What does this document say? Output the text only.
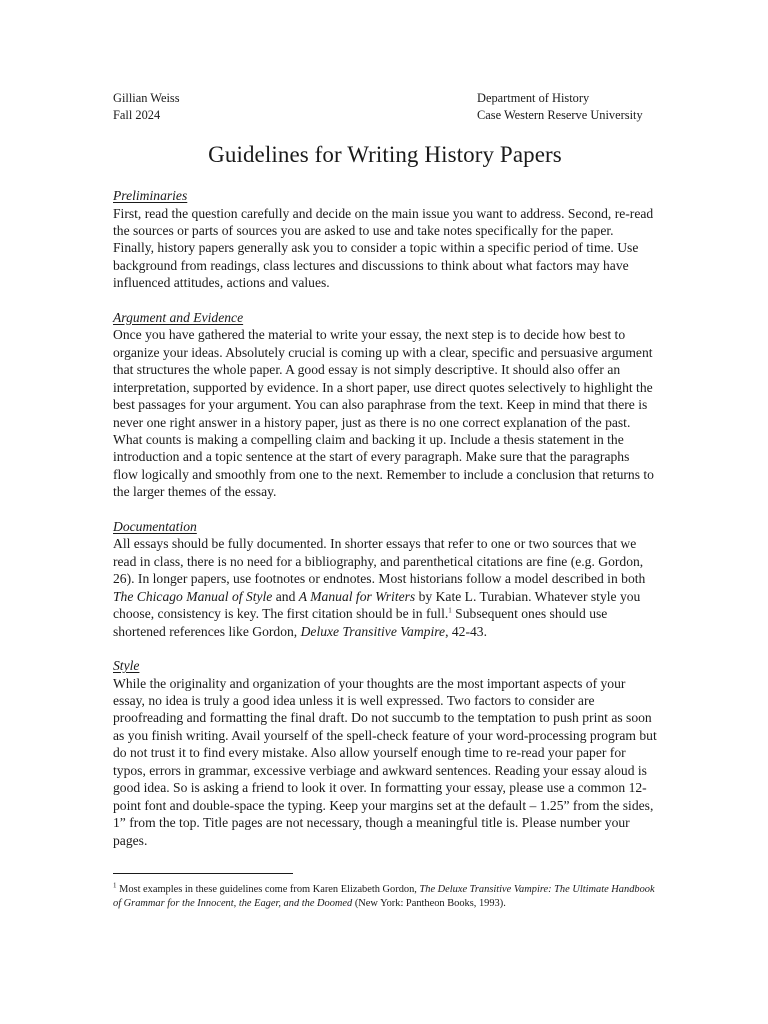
Gillian Weiss
Fall 2024
Department of History
Case Western Reserve University
Guidelines for Writing History Papers
Preliminaries

First, read the question carefully and decide on the main issue you want to address. Second, re-read the sources or parts of sources you are asked to use and take notes specifically for the paper. Finally, history papers generally ask you to consider a topic within a specific period of time. Use background from readings, class lectures and discussions to think about what factors may have influenced attitudes, actions and values.

Argument and Evidence

Once you have gathered the material to write your essay, the next step is to decide how best to organize your ideas. Absolutely crucial is coming up with a clear, specific and persuasive argument that structures the whole paper. A good essay is not simply descriptive. It should also offer an interpretation, supported by evidence. In a short paper, use direct quotes selectively to highlight the best passages for your argument. You can also paraphrase from the text. Keep in mind that there is never one right answer in a history paper, just as there is no one correct explanation of the past. What counts is making a compelling claim and backing it up. Include a thesis statement in the introduction and a topic sentence at the start of every paragraph. Make sure that the paragraphs flow logically and smoothly from one to the next. Remember to include a conclusion that returns to the larger themes of the essay.

Documentation

All essays should be fully documented. In shorter essays that refer to one or two sources that we read in class, there is no need for a bibliography, and parenthetical citations are fine (e.g. Gordon, 26). In longer papers, use footnotes or endnotes. Most historians follow a model described in both The Chicago Manual of Style and A Manual for Writers by Kate L. Turabian. Whatever style you choose, consistency is key. The first citation should be in full.$^1$ Subsequent ones should use shortened references like Gordon, Deluxe Transitive Vampire, 42-43.

Style

While the originality and organization of your thoughts are the most important aspects of your essay, no idea is truly a good idea unless it is well expressed. Two factors to consider are proofreading and formatting the final draft. Do not succumb to the temptation to push print as soon as you finish writing. Avail yourself of the spell-check feature of your word-processing program but do not trust it to find every mistake. Also allow yourself enough time to re-read your paper for typos, errors in grammar, excessive verbiage and awkward sentences. Reading your essay aloud is good idea. So is asking a friend to look it over. In formatting your essay, please use a common 12-point font and double-space the typing. Keep your margins set at the default – 1.25” from the sides, 1” from the top. Title pages are not necessary, though a meaningful title is. Please number your pages.

$^1$ Most examples in these guidelines come from Karen Elizabeth Gordon, The Deluxe Transitive Vampire: The Ultimate Handbook of Grammar for the Innocent, the Eager, and the Doomed (New York: Pantheon Books, 1993).
